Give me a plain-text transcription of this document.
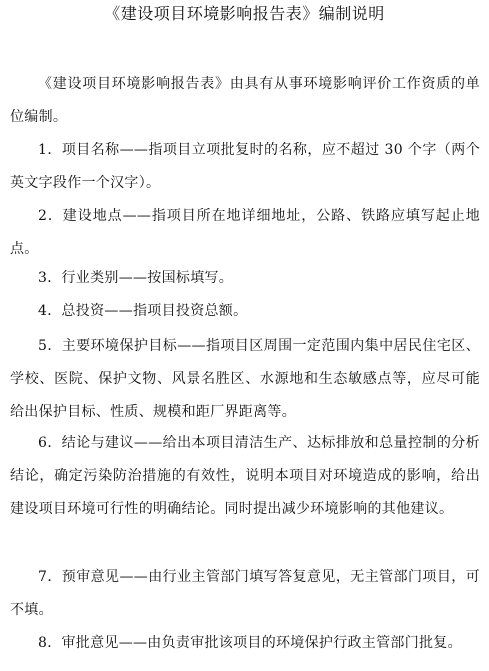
《建设项目环境影响报告表》编制说明
《建设项目环境影响报告表》由具有从事环境影响评价工作资质的单位编制。
1．项目名称——指项目立项批复时的名称，应不超过 30 个字（两个英文字段作一个汉字）。
2．建设地点——指项目所在地详细地址，公路、铁路应填写起止地点。
3．行业类别——按国标填写。
4．总投资——指项目投资总额。
5．主要环境保护目标——指项目区周围一定范围内集中居民住宅区、学校、医院、保护文物、风景名胜区、水源地和生态敏感点等，应尽可能给出保护目标、性质、规模和距厂界距离等。
6．结论与建议——给出本项目清洁生产、达标排放和总量控制的分析结论，确定污染防治措施的有效性，说明本项目对环境造成的影响，给出建设项目环境可行性的明确结论。同时提出减少环境影响的其他建议。
7．预审意见——由行业主管部门填写答复意见，无主管部门项目，可不填。
8．审批意见——由负责审批该项目的环境保护行政主管部门批复。
